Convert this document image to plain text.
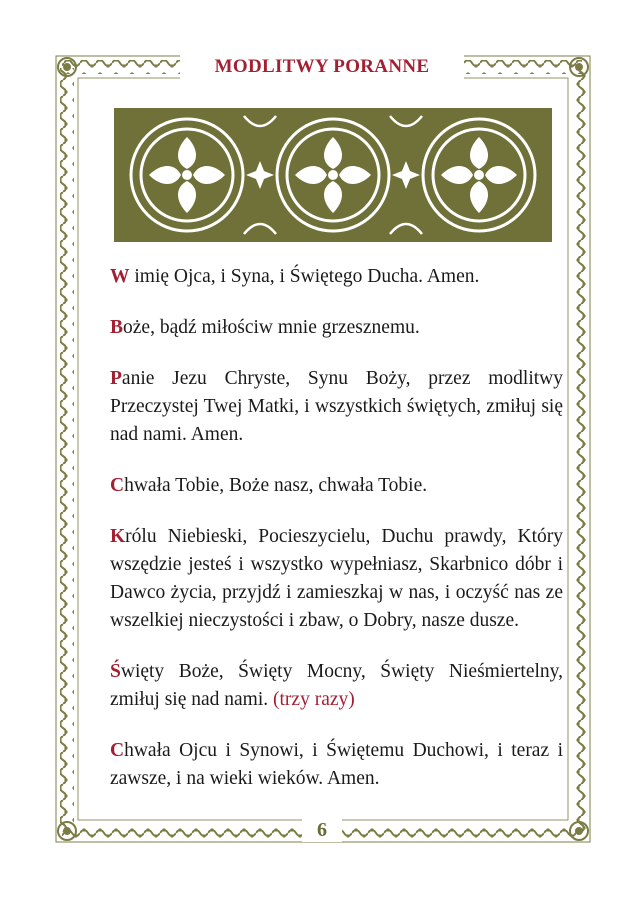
MODLITWY PORANNE

W imię Ojca, i Syna, i Świętego Ducha. Amen.

Boże, bądź miłościw mnie grzesznemu.

Panie Jezu Chryste, Synu Boży, przez modlitwy Przeczystej Twej Matki, i wszystkich świętych, zmiłuj się nad nami. Amen.

Chwała Tobie, Boże nasz, chwała Tobie.

Królu Niebieski, Pocieszycielu, Duchu prawdy, Który wszędzie jesteś i wszystko wypełniasz, Skarbnico dóbr i Dawco życia, przyjdź i zamieszkaj w nas, i oczyść nas ze wszelkiej nieczystości i zbaw, o Dobry, nasze dusze.

Święty Boże, Święty Mocny, Święty Nieśmiertelny, zmiłuj się nad nami. (trzy razy)

Chwała Ojcu i Synowi, i Świętemu Duchowi, i teraz i zawsze, i na wieki wieków. Amen.

6
